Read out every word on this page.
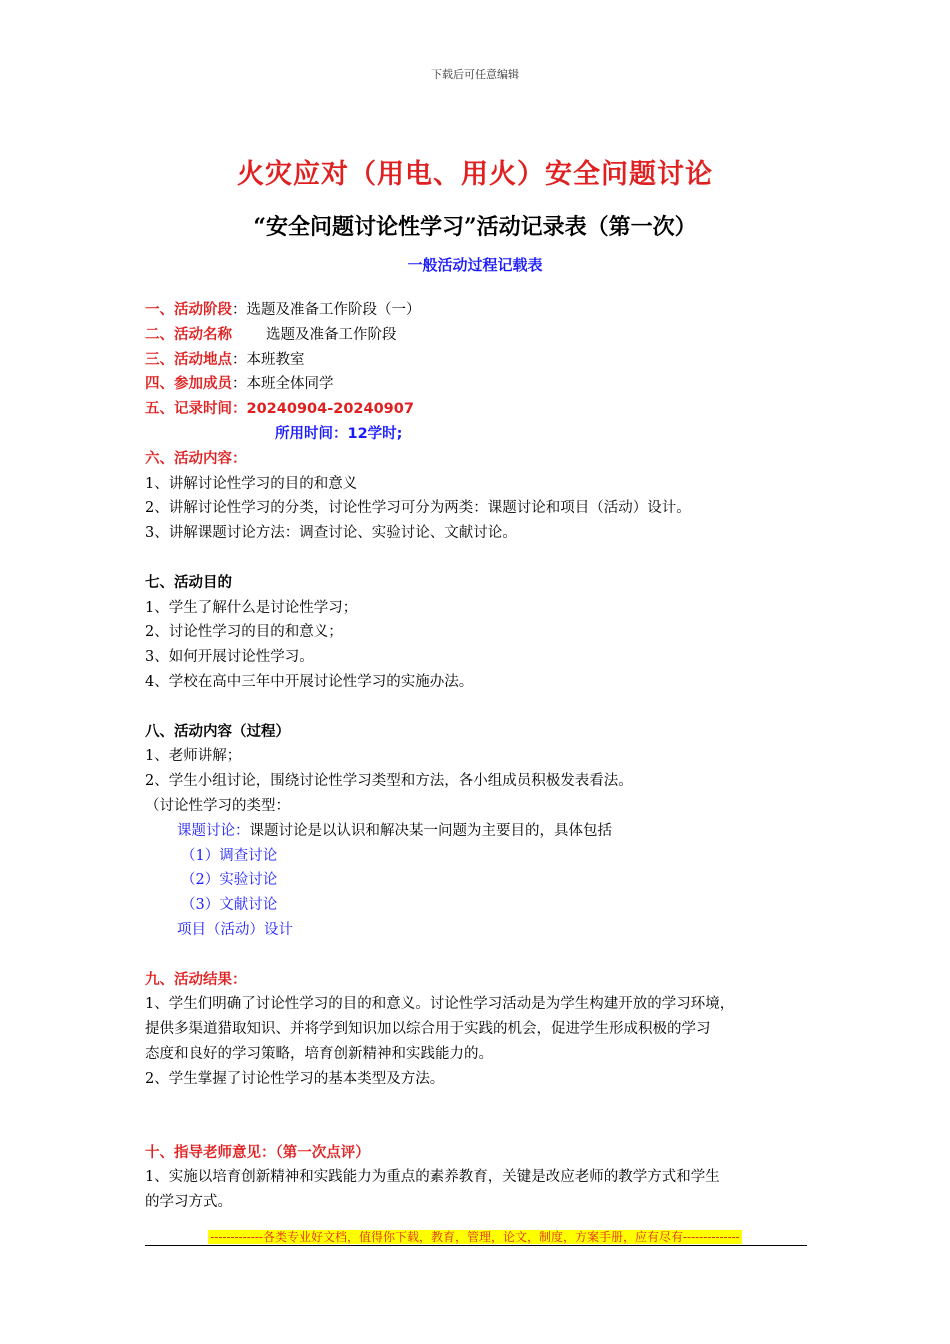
下载后可任意编辑
火灾应对（用电、用火）安全问题讨论
“安全问题讨论性学习”活动记录表（第一次）
一般活动过程记载表
一、活动阶段：选题及准备工作阶段（一）
二、活动名称 选题及准备工作阶段
三、活动地点：本班教室
四、参加成员：本班全体同学
五、记录时间：20240904-20240907
所用时间：12学时;
六、活动内容：
1、讲解讨论性学习的目的和意义
2、讲解讨论性学习的分类，讨论性学习可分为两类：课题讨论和项目（活动）设计。
3、讲解课题讨论方法：调查讨论、实验讨论、文献讨论。
七、活动目的
1、学生了解什么是讨论性学习；
2、讨论性学习的目的和意义；
3、如何开展讨论性学习。
4、学校在高中三年中开展讨论性学习的实施办法。
八、活动内容（过程）
1、老师讲解；
2、学生小组讨论，围绕讨论性学习类型和方法，各小组成员积极发表看法。
（讨论性学习的类型：
课题讨论：课题讨论是以认识和解决某一问题为主要目的，具体包括
（1）调查讨论
（2）实验讨论
（3）文献讨论
项目（活动）设计
九、活动结果：
1、学生们明确了讨论性学习的目的和意义。讨论性学习活动是为学生构建开放的学习环境，
提供多渠道猎取知识、并将学到知识加以综合用于实践的机会，促进学生形成积极的学习
态度和良好的学习策略，培育创新精神和实践能力的。
2、学生掌握了讨论性学习的基本类型及方法。
十、指导老师意见：（第一次点评）
1、实施以培育创新精神和实践能力为重点的素养教育，关键是改应老师的教学方式和学生
的学习方式。
-------------各类专业好文档，值得你下载，教育，管理，论文，制度，方案手册，应有尽有--------------
